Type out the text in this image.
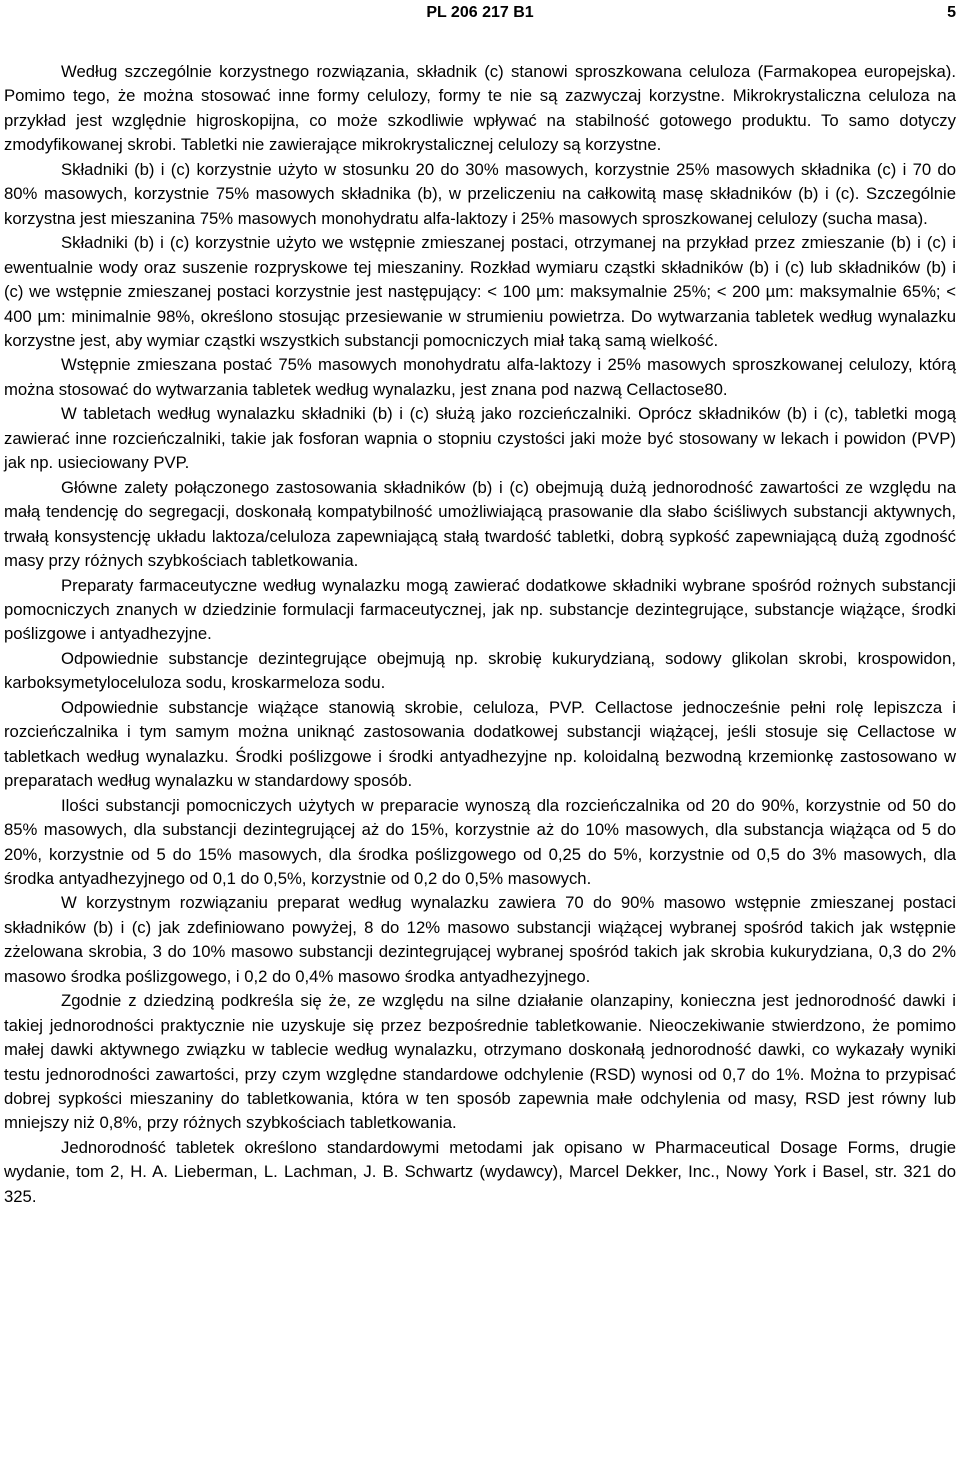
PL 206 217 B1	5

Według szczególnie korzystnego rozwiązania, składnik (c) stanowi sproszkowana celuloza (Farmakopea europejska). Pomimo tego, że można stosować inne formy celulozy, formy te nie są zazwyczaj korzystne. Mikrokrystaliczna celuloza na przykład jest względnie higroskopijna, co może szkodliwie wpływać na stabilność gotowego produktu. To samo dotyczy zmodyfikowanej skrobi. Tabletki nie zawierające mikrokrystalicznej celulozy są korzystne.

Składniki (b) i (c) korzystnie użyto w stosunku 20 do 30% masowych, korzystnie 25% masowych składnika (c) i 70 do 80% masowych, korzystnie 75% masowych składnika (b), w przeliczeniu na całkowitą masę składników (b) i (c). Szczególnie korzystna jest mieszanina 75% masowych monohydratu alfa-laktozy i 25% masowych sproszkowanej celulozy (sucha masa).

Składniki (b) i (c) korzystnie użyto we wstępnie zmieszanej postaci, otrzymanej na przykład przez zmieszanie (b) i (c) i ewentualnie wody oraz suszenie rozpryskowe tej mieszaniny. Rozkład wymiaru cząstki składników (b) i (c) lub składników (b) i (c) we wstępnie zmieszanej postaci korzystnie jest następujący: < 100 µm: maksymalnie 25%; < 200 µm: maksymalnie 65%; < 400 µm: minimalnie 98%, określono stosując przesiewanie w strumieniu powietrza. Do wytwarzania tabletek według wynalazku korzystne jest, aby wymiar cząstki wszystkich substancji pomocniczych miał taką samą wielkość.

Wstępnie zmieszana postać 75% masowych monohydratu alfa-laktozy i 25% masowych sproszkowanej celulozy, którą można stosować do wytwarzania tabletek według wynalazku, jest znana pod nazwą Cellactose80.

W tabletach według wynalazku składniki (b) i (c) służą jako rozcieńczalniki. Oprócz składników (b) i (c), tabletki mogą zawierać inne rozcieńczalniki, takie jak fosforan wapnia o stopniu czystości jaki może być stosowany w lekach i powidon (PVP) jak np. usieciowany PVP.

Główne zalety połączonego zastosowania składników (b) i (c) obejmują dużą jednorodność zawartości ze względu na małą tendencję do segregacji, doskonałą kompatybilność umożliwiającą prasowanie dla słabo ściśliwych substancji aktywnych, trwałą konsystencję układu laktoza/celuloza zapewniającą stałą twardość tabletki, dobrą sypkość zapewniającą dużą zgodność masy przy różnych szybkościach tabletkowania.

Preparaty farmaceutyczne według wynalazku mogą zawierać dodatkowe składniki wybrane spośród rożnych substancji pomocniczych znanych w dziedzinie formulacji farmaceutycznej, jak np. substancje dezintegrujące, substancje wiążące, środki poślizgowe i antyadhezyjne.

Odpowiednie substancje dezintegrujące obejmują np. skrobię kukurydzianą, sodowy glikolan skrobi, krospowidon, karboksymetyloceluloza sodu, kroskarmeloza sodu.

Odpowiednie substancje wiążące stanowią skrobie, celuloza, PVP. Cellactose jednocześnie pełni rolę lepiszcza i rozcieńczalnika i tym samym można uniknąć zastosowania dodatkowej substancji wiążącej, jeśli stosuje się Cellactose w tabletkach według wynalazku. Środki poślizgowe i środki antyadhezyjne np. koloidalną bezwodną krzemionkę zastosowano w preparatach według wynalazku w standardowy sposób.

Ilości substancji pomocniczych użytych w preparacie wynoszą dla rozcieńczalnika od 20 do 90%, korzystnie od 50 do 85% masowych, dla substancji dezintegrującej aż do 15%, korzystnie aż do 10% masowych, dla substancja wiążąca od 5 do 20%, korzystnie od 5 do 15% masowych, dla środka poślizgowego od 0,25 do 5%, korzystnie od 0,5 do 3% masowych, dla środka antyadhezyjnego od 0,1 do 0,5%, korzystnie od 0,2 do 0,5% masowych.

W korzystnym rozwiązaniu preparat według wynalazku zawiera 70 do 90% masowo wstępnie zmieszanej postaci składników (b) i (c) jak zdefiniowano powyżej, 8 do 12% masowo substancji wiążącej wybranej spośród takich jak wstępnie zżelowana skrobia, 3 do 10% masowo substancji dezintegrującej wybranej spośród takich jak skrobia kukurydziana, 0,3 do 2% masowo środka poślizgowego, i 0,2 do 0,4% masowo środka antyadhezyjnego.

Zgodnie z dziedziną podkreśla się że, ze względu na silne działanie olanzapiny, konieczna jest jednorodność dawki i takiej jednorodności praktycznie nie uzyskuje się przez bezpośrednie tabletkowanie. Nieoczekiwanie stwierdzono, że pomimo małej dawki aktywnego związku w tablecie według wynalazku, otrzymano doskonałą jednorodność dawki, co wykazały wyniki testu jednorodności zawartości, przy czym względne standardowe odchylenie (RSD) wynosi od 0,7 do 1%. Można to przypisać dobrej sypkości mieszaniny do tabletkowania, która w ten sposób zapewnia małe odchylenia od masy, RSD jest równy lub mniejszy niż 0,8%, przy różnych szybkościach tabletkowania.

Jednorodność tabletek określono standardowymi metodami jak opisano w Pharmaceutical Dosage Forms, drugie wydanie, tom 2, H. A. Lieberman, L. Lachman, J. B. Schwartz (wydawcy), Marcel Dekker, Inc., Nowy York i Basel, str. 321 do 325.
